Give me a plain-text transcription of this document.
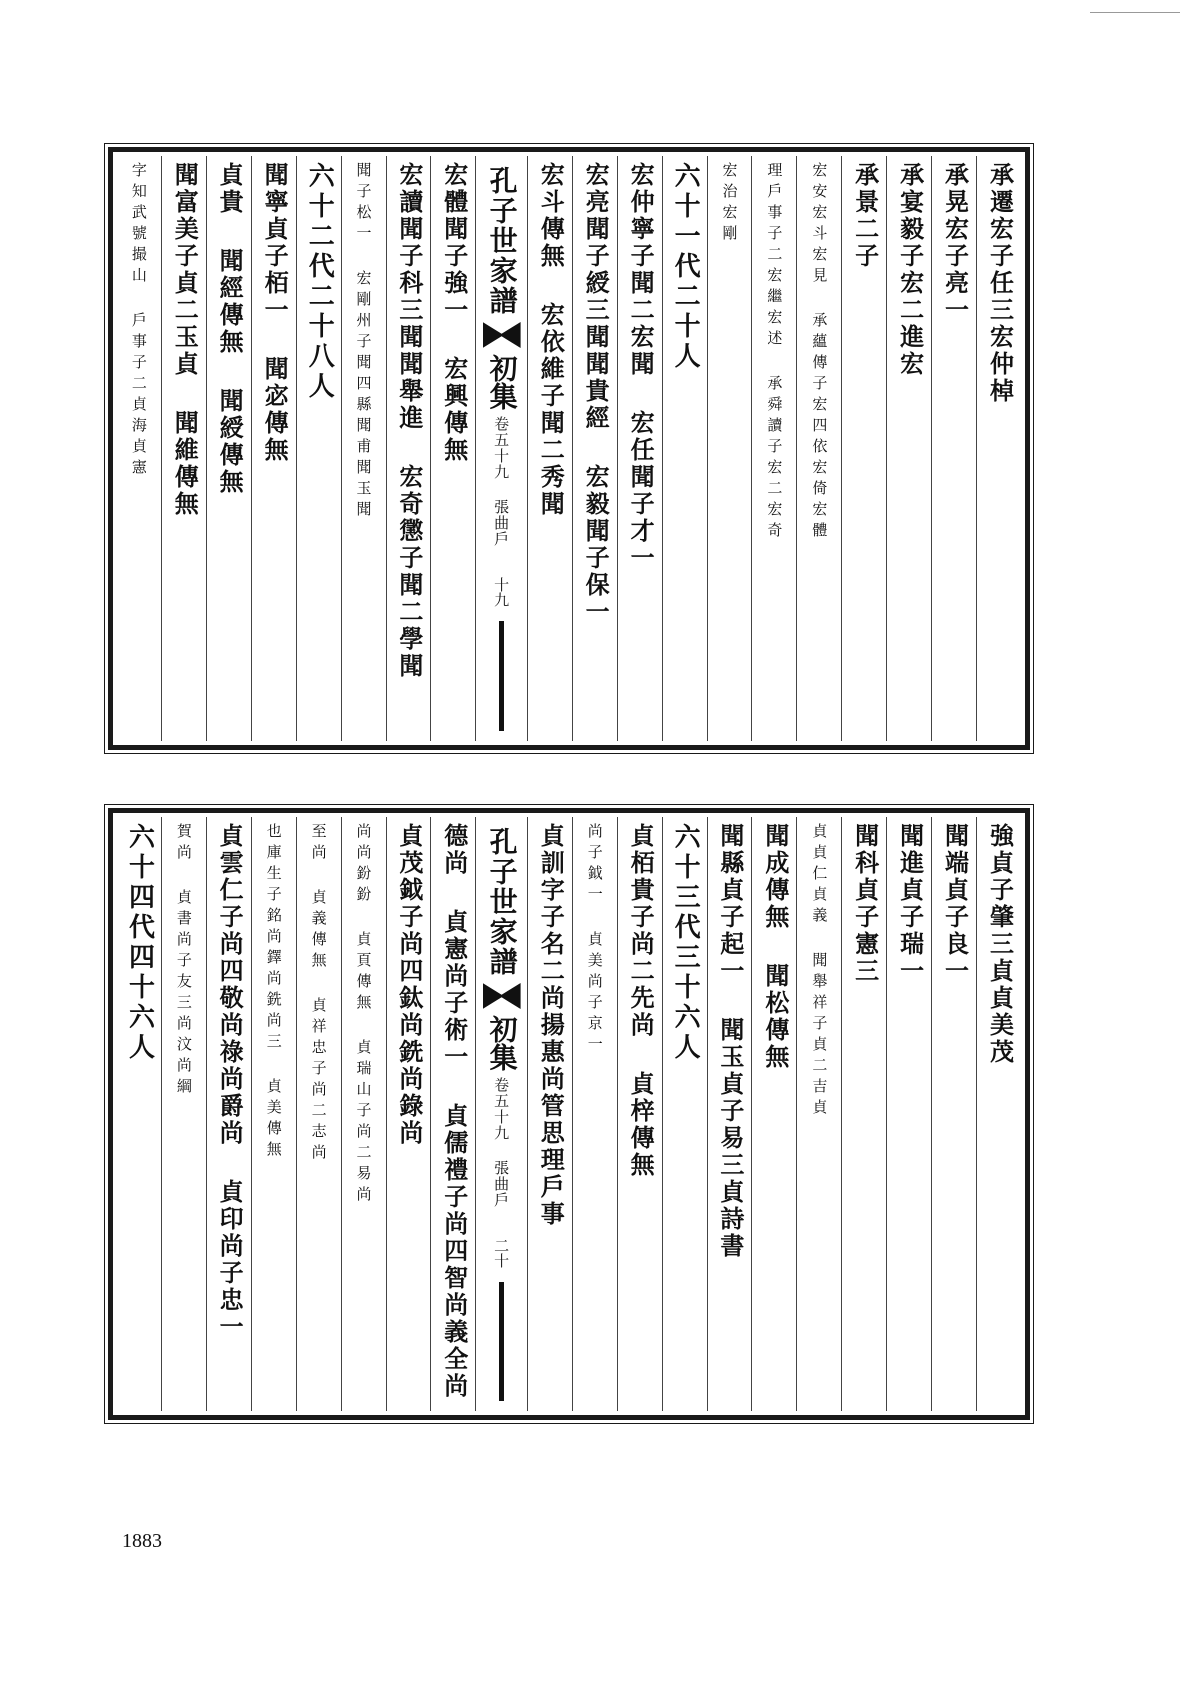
承遷宏子任三宏仲棹
承晃宏子亮一
承宴毅子宏二進宏
承景二子
宏安宏斗宏見 承蘊傳子宏四依宏倚宏體
理戶事子二宏繼宏述 承舜讀子宏二宏奇
宏治宏剛
六十一代二十人
宏仲寧子聞二宏聞 宏任聞子才一
宏亮聞子綬三聞聞貴經 宏毅聞子保一
宏斗傳無 宏依維子聞二秀聞
孔子世家譜
初集
卷五十九 張曲戶
十九
宏體聞子強一 宏興傳無
宏讀聞子科三聞聞舉進 宏奇懲子聞二學聞
聞子松一 宏剛州子聞四縣聞甫聞玉聞
六十二代二十八人
聞寧貞子栢一 聞宓傳無
貞貴 聞經傳無 聞綬傳無
聞富美子貞二玉貞 聞維傳無
字知武號撮山 戶事子二貞海貞憲
強貞子肇三貞貞美茂
聞端貞子良一
聞進貞子瑞一
聞科貞子憲三
貞貞仁貞義 聞舉祥子貞二吉貞
聞成傳無 聞松傳無
聞縣貞子起一 聞玉貞子易三貞詩書
六十三代三十六人
貞栢貴子尚二先尚 貞梓傳無
尚子鉞一 貞美尚子京一
貞訓字子名二尚揚惠尚管思理戶事
孔子世家譜
初集
卷五十九 張曲戶
二十
德尚 貞憲尚子術一 貞儒禮子尚四智尚義全尚
貞茂鉞子尚四鈦尚銑尚錄尚
尚尚鈖鈖 貞頁傳無 貞瑞山子尚二易尚
至尚 貞義傳無 貞祥忠子尚二志尚
也庫生子銘尚鐸尚銑尚三 貞美傳無
貞雲仁子尚四敬尚祿尚爵尚 貞印尚子忠一
賀尚 貞書尚子友三尚汶尚綱
六十四代四十六人
1883
